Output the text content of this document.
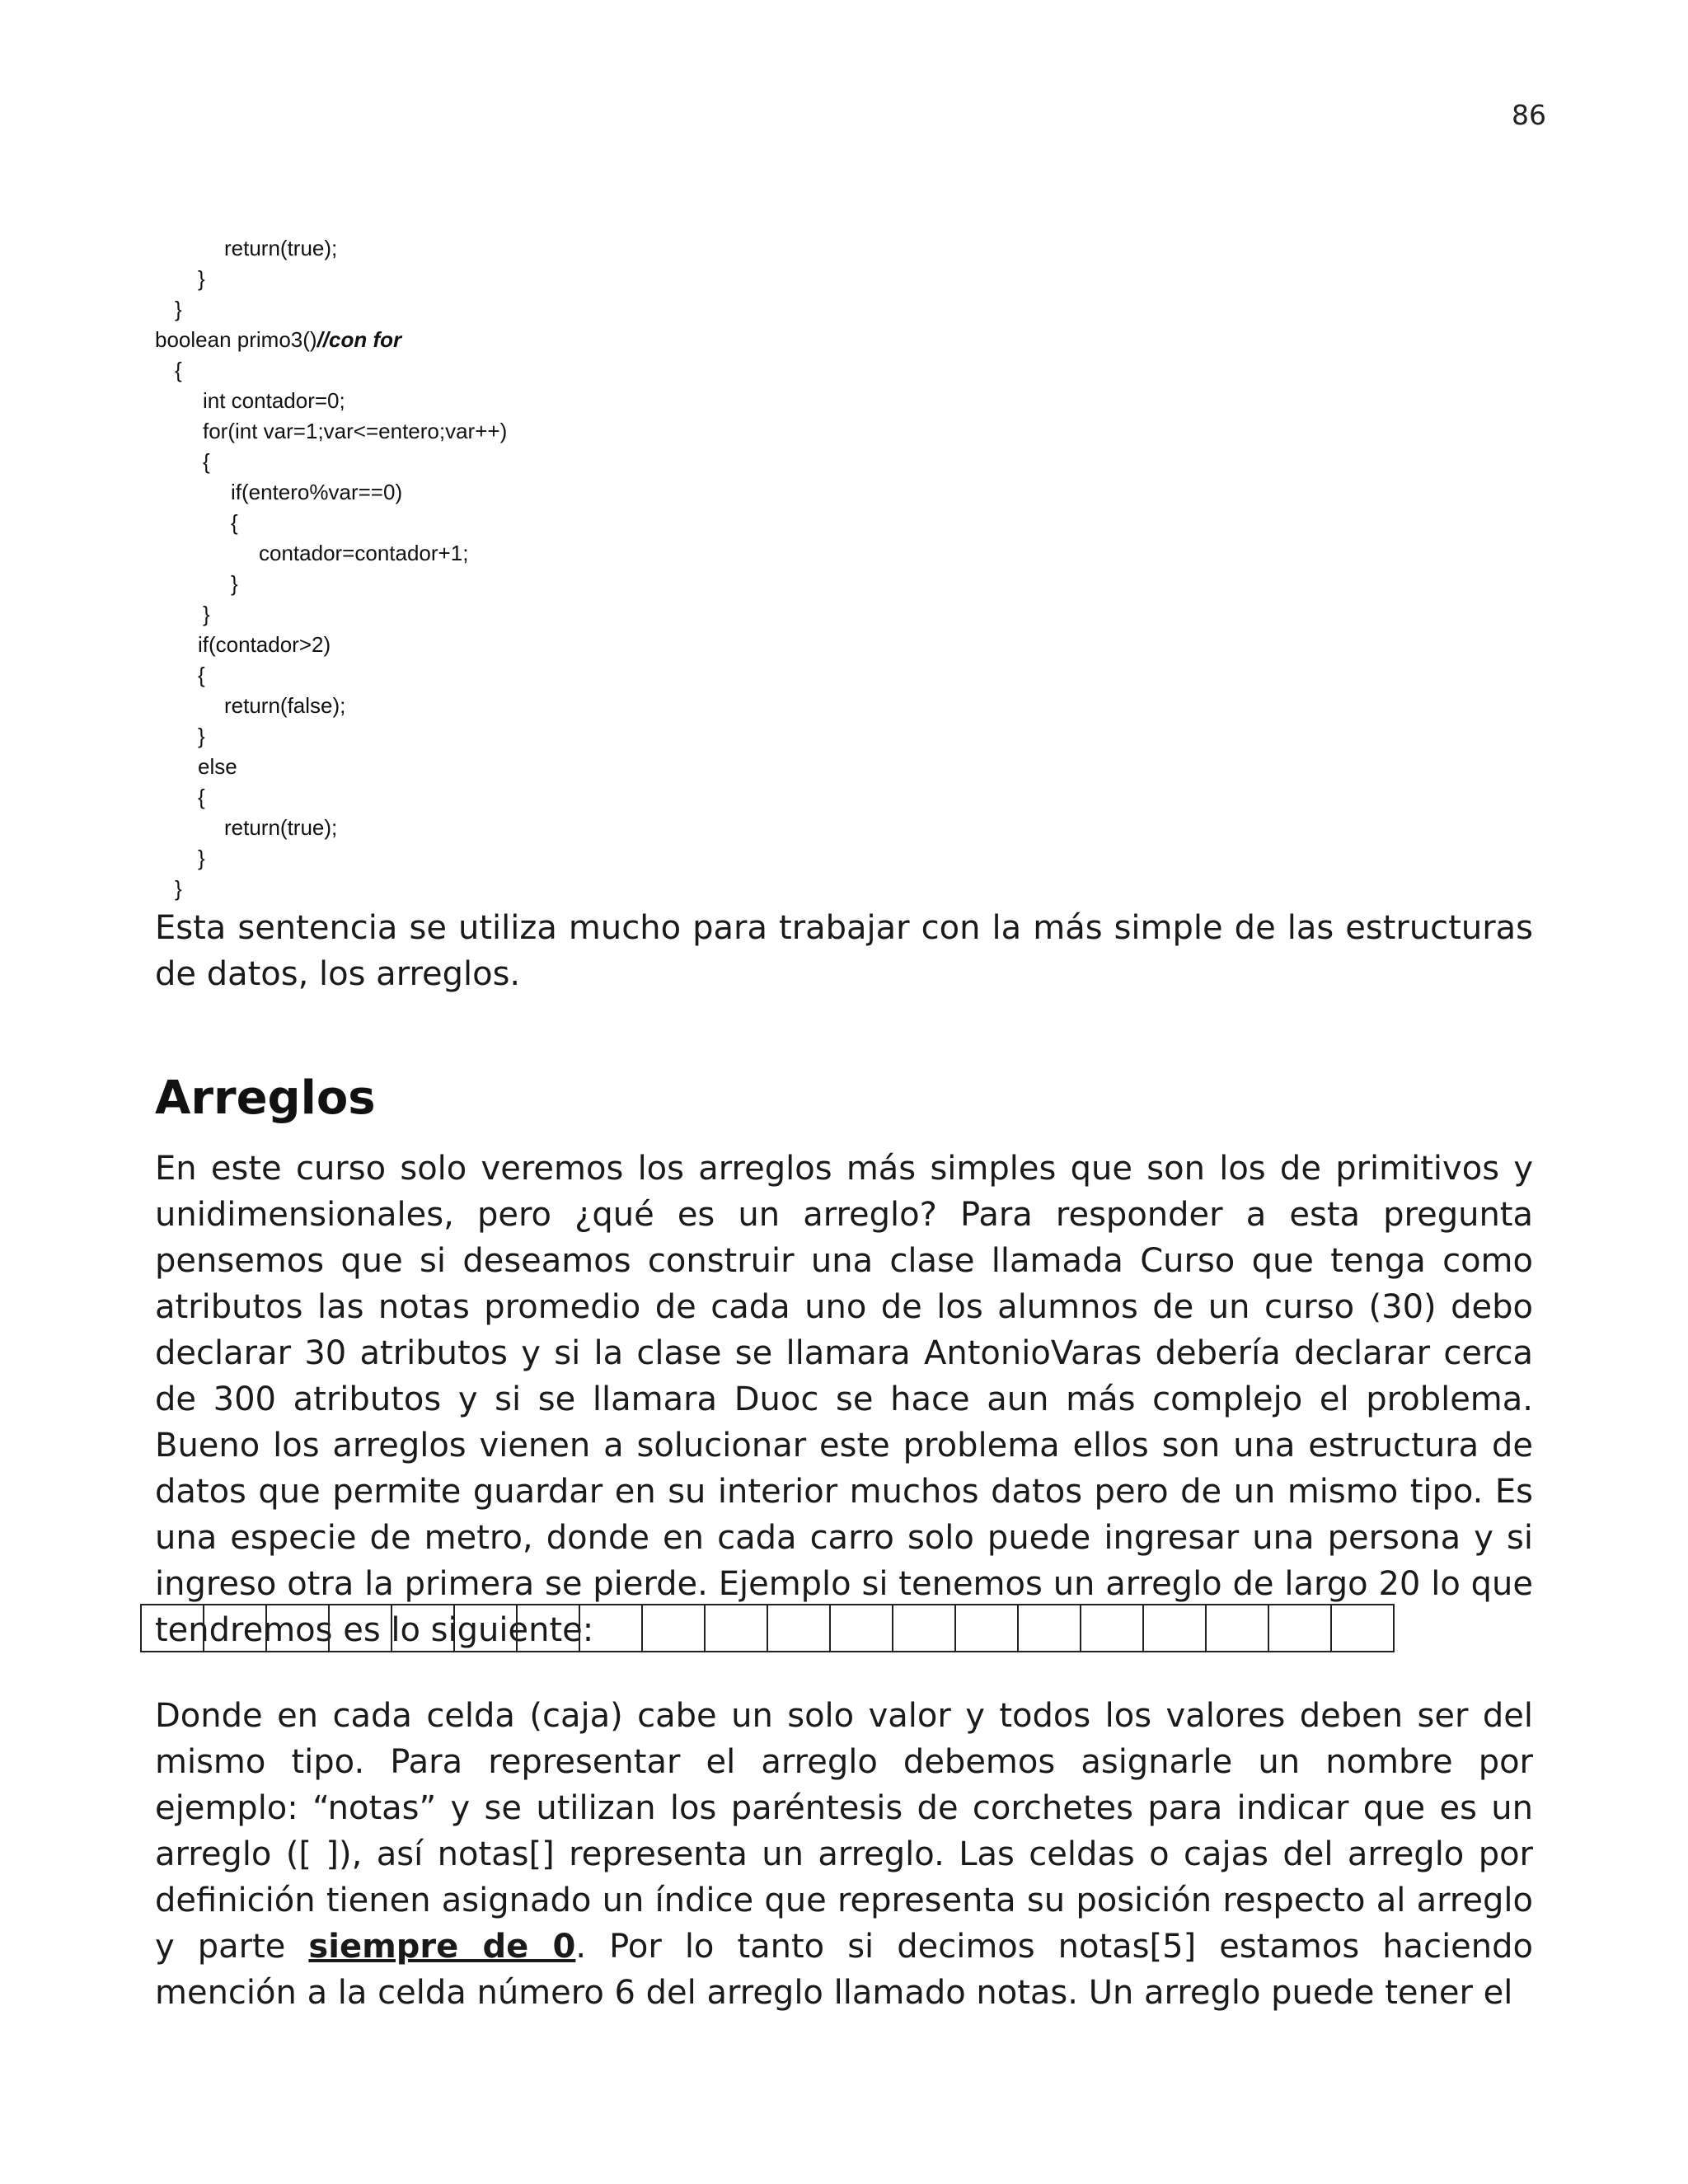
86
return(true);
}
}
boolean primo3()//con for
{
int contador=0;
for(int var=1;var<=entero;var++)
{
if(entero%var==0)
{
contador=contador+1;
}
}
if(contador>2)
{
return(false);
}
else
{
return(true);
}
}

Esta sentencia se utiliza mucho para trabajar con la más simple de las estructuras de datos, los arreglos.

Arreglos

En este curso solo veremos los arreglos más simples que son los de primitivos y unidimensionales, pero ¿qué es un arreglo? Para responder a esta pregunta pensemos que si deseamos construir una clase llamada Curso que tenga como atributos las notas promedio de cada uno de los alumnos de un curso (30) debo declarar 30 atributos y si la clase se llamara AntonioVaras debería declarar cerca de 300 atributos y si se llamara Duoc se hace aun más complejo el problema. Bueno los arreglos vienen a solucionar este problema ellos son una estructura de datos que permite guardar en su interior muchos datos pero de un mismo tipo. Es una especie de metro, donde en cada carro solo puede ingresar una persona y si ingreso otra la primera se pierde. Ejemplo si tenemos un arreglo de largo 20 lo que tendremos es lo siguiente:

Donde en cada celda (caja) cabe un solo valor y todos los valores deben ser del mismo tipo. Para representar el arreglo debemos asignarle un nombre por ejemplo: “notas” y se utilizan los paréntesis de corchetes para indicar que es un arreglo ([ ]), así notas[] representa un arreglo. Las celdas o cajas del arreglo por definición tienen asignado un índice que representa su posición respecto al arreglo y parte siempre de 0. Por lo tanto si decimos notas[5] estamos haciendo mención a la celda número 6 del arreglo llamado notas. Un arreglo puede tener el
